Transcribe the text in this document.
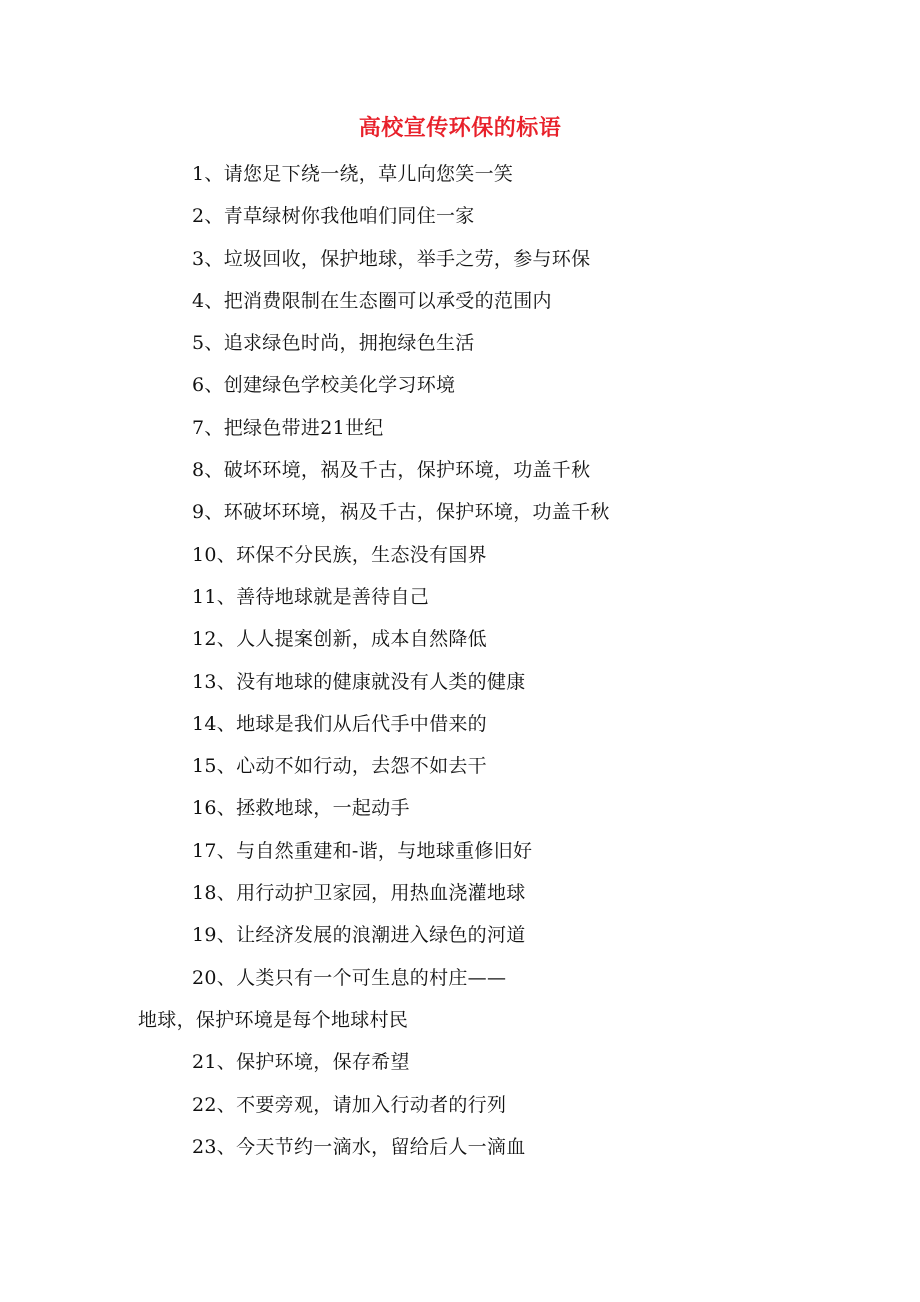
高校宣传环保的标语
1、请您足下绕一绕，草儿向您笑一笑
2、青草绿树你我他咱们同住一家
3、垃圾回收，保护地球，举手之劳，参与环保
4、把消费限制在生态圈可以承受的范围内
5、追求绿色时尚，拥抱绿色生活
6、创建绿色学校美化学习环境
7、把绿色带进21世纪
8、破坏环境，祸及千古，保护环境，功盖千秋
9、环破坏环境，祸及千古，保护环境，功盖千秋
10、环保不分民族，生态没有国界
11、善待地球就是善待自己
12、人人提案创新，成本自然降低
13、没有地球的健康就没有人类的健康
14、地球是我们从后代手中借来的
15、心动不如行动，去怨不如去干
16、拯救地球，一起动手
17、与自然重建和-谐，与地球重修旧好
18、用行动护卫家园，用热血浇灌地球
19、让经济发展的浪潮进入绿色的河道
20、人类只有一个可生息的村庄——
地球，保护环境是每个地球村民
21、保护环境，保存希望
22、不要旁观，请加入行动者的行列
23、今天节约一滴水，留给后人一滴血
